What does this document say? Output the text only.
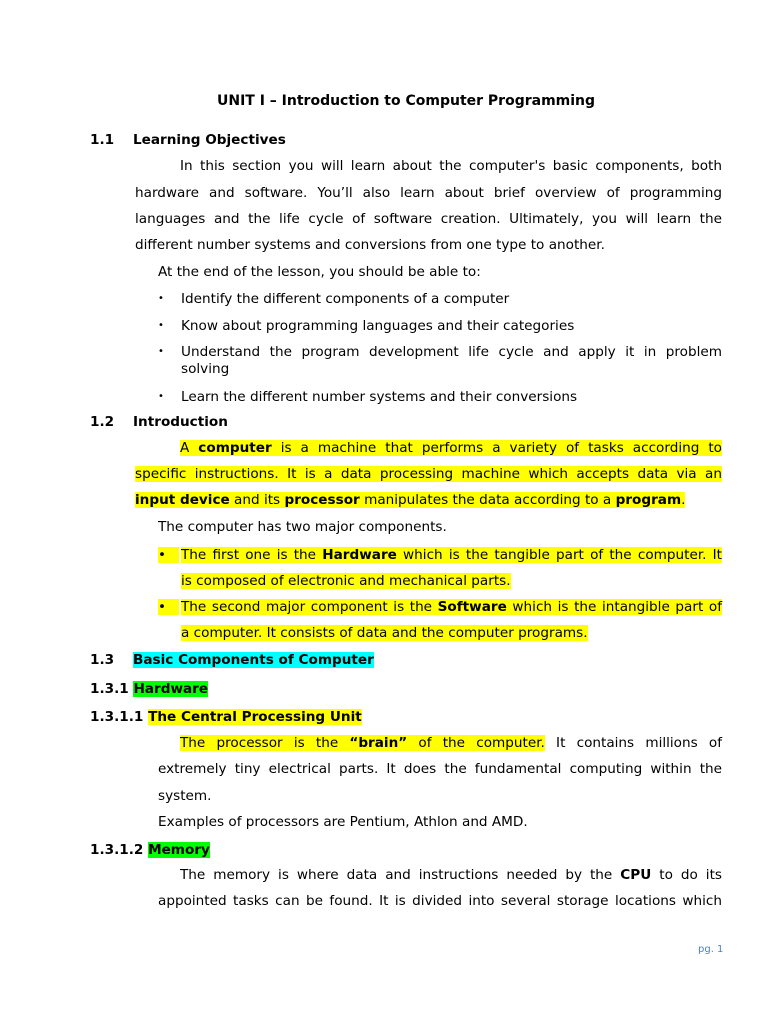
UNIT I – Introduction to Computer Programming
1.1 Learning Objectives
In this section you will learn about the computer's basic components, both
hardware and software. You’ll also learn about brief overview of programming
languages and the life cycle of software creation. Ultimately, you will learn the
different number systems and conversions from one type to another.
At the end of the lesson, you should be able to:
•	Identify the different components of a computer
•	Know about programming languages and their categories
•	Understand the program development life cycle and apply it in problem
solving
•	Learn the different number systems and their conversions
1.2 Introduction
A computer is a machine that performs a variety of tasks according to
specific instructions. It is a data processing machine which accepts data via an
input device and its processor manipulates the data according to a program.
The computer has two major components.
•	The first one is the Hardware which is the tangible part of the computer. It
is composed of electronic and mechanical parts.
•	The second major component is the Software which is the intangible part of
a computer. It consists of data and the computer programs.
1.3 Basic Components of Computer
1.3.1 Hardware
1.3.1.1 The Central Processing Unit
The processor is the “brain” of the computer. It contains millions of
extremely tiny electrical parts. It does the fundamental computing within the
system.
Examples of processors are Pentium, Athlon and AMD.
1.3.1.2 Memory
The memory is where data and instructions needed by the CPU to do its
appointed tasks can be found. It is divided into several storage locations which
pg. 1
